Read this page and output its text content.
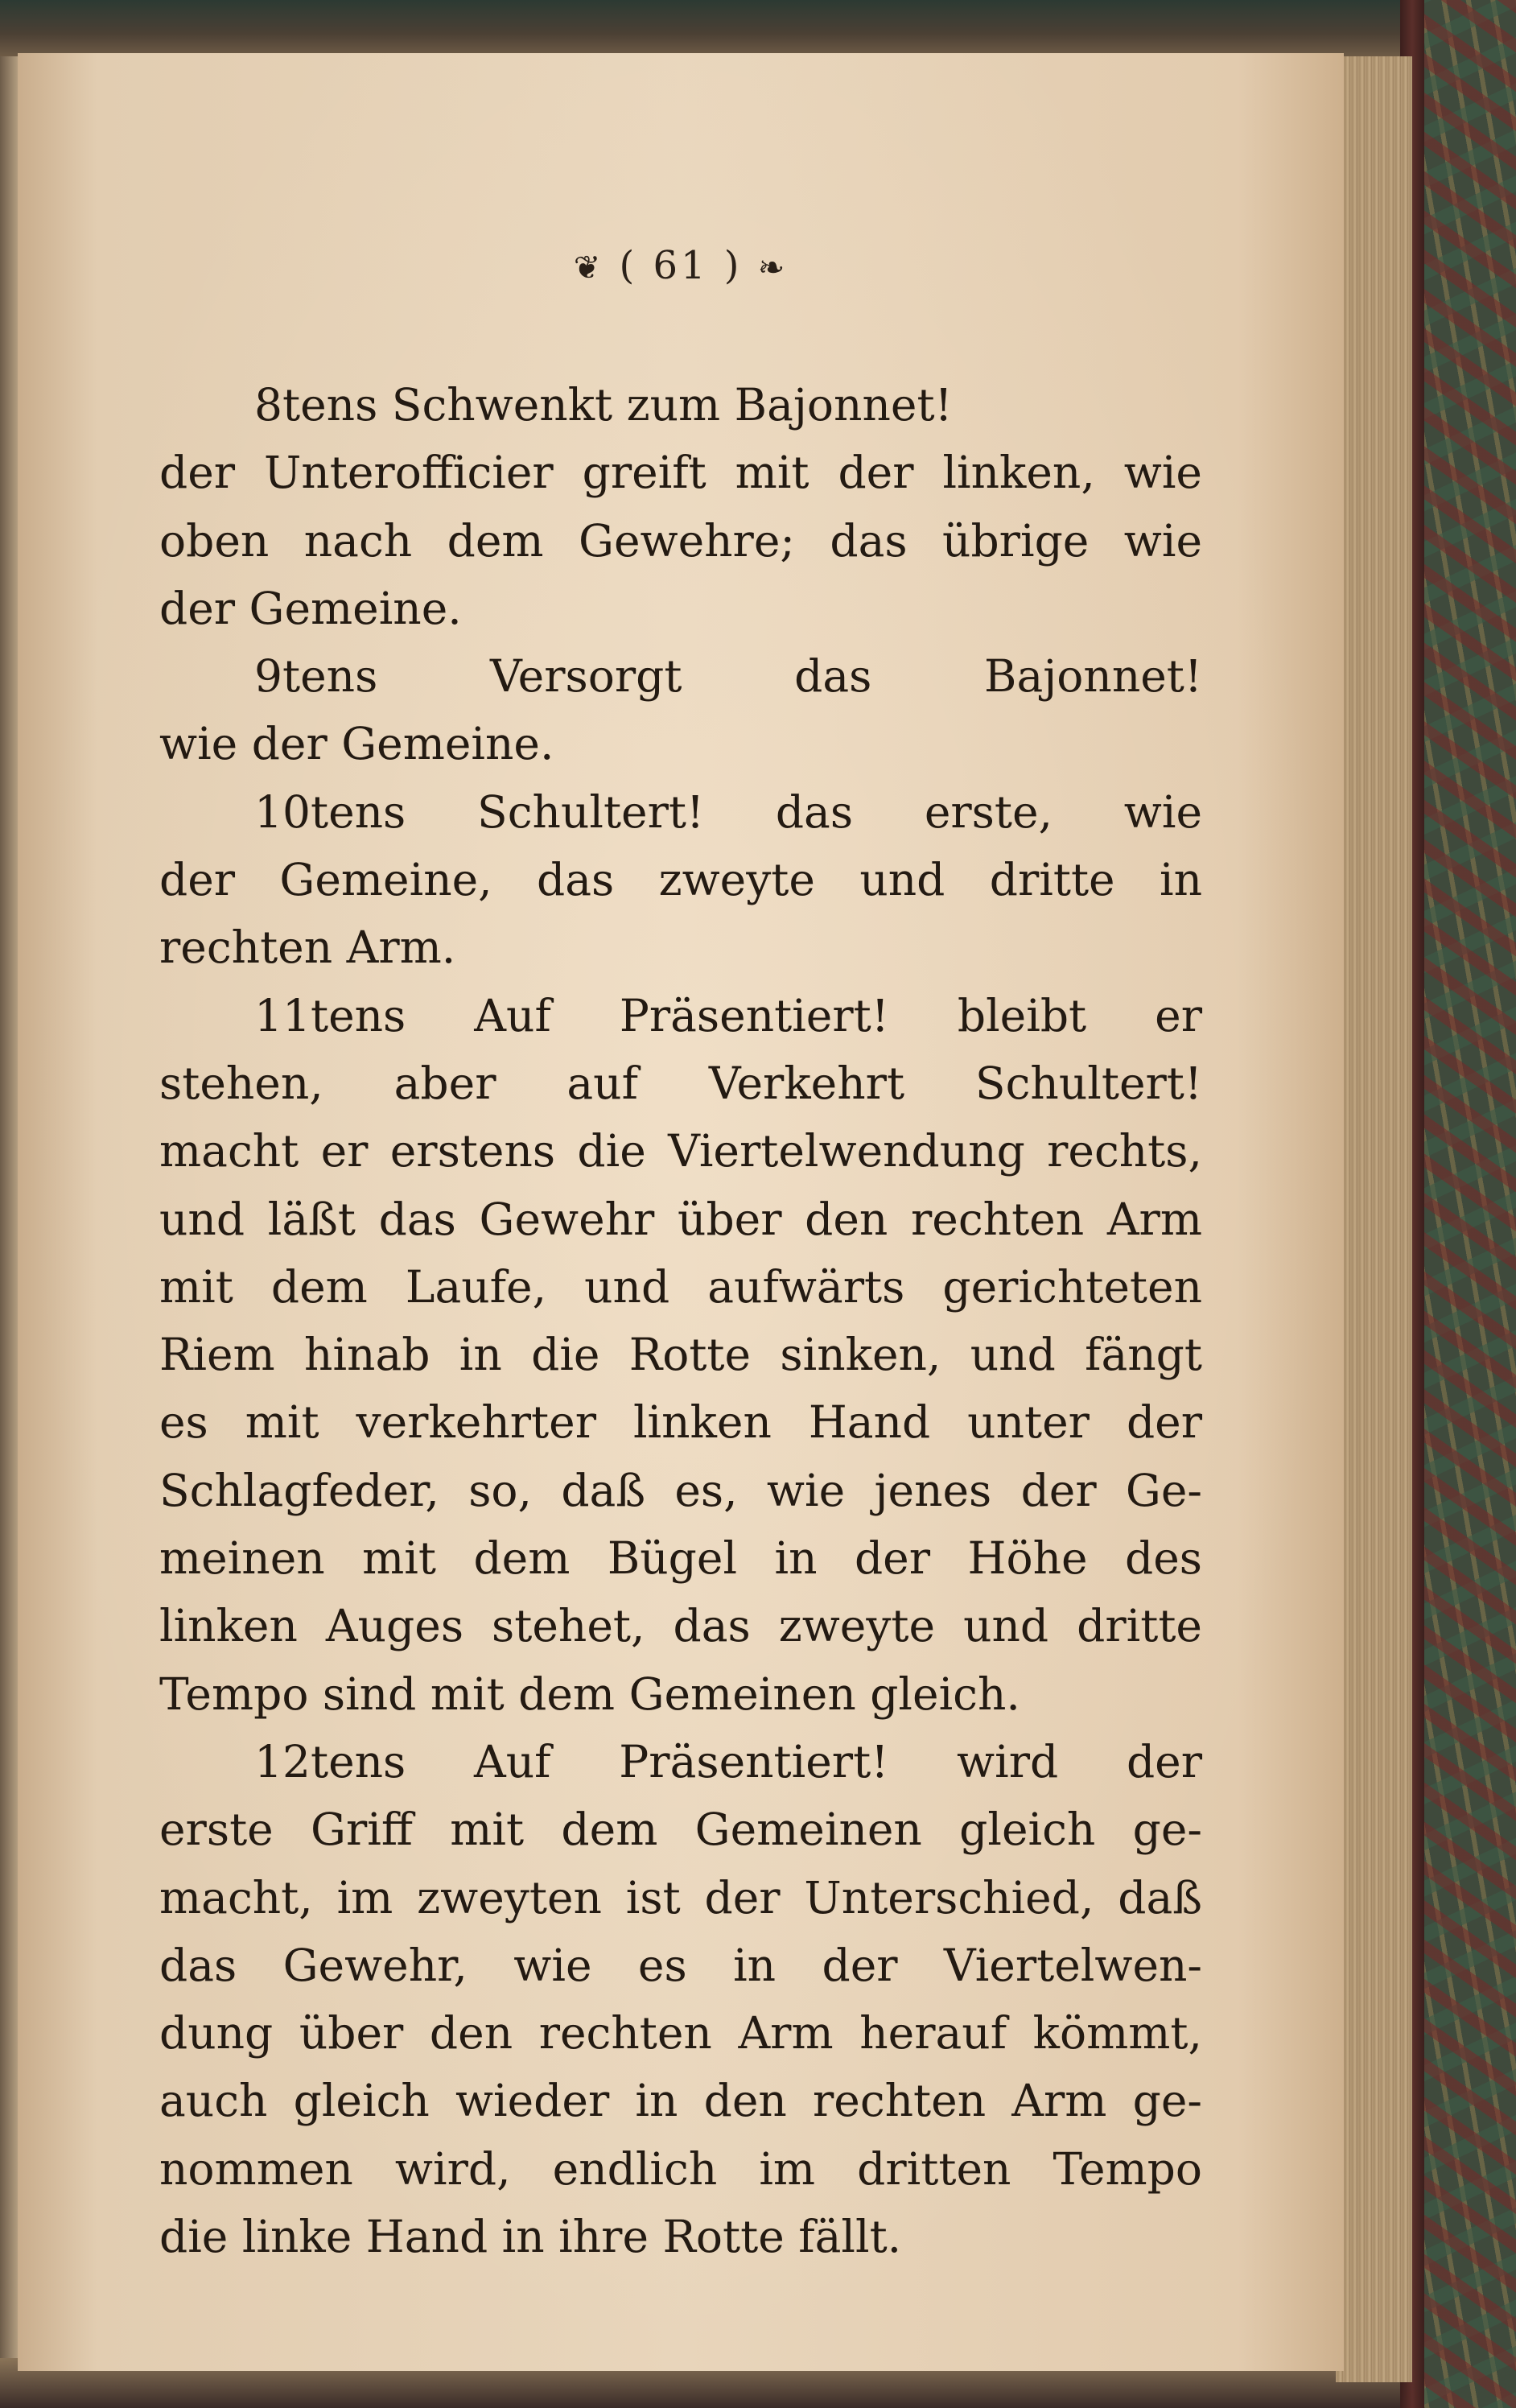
❦ ( 61 ) ❧
8tens Schwenkt zum Bajonnet!
der Unterofficier greift mit der linken, wie
oben nach dem Gewehre; das übrige wie
der Gemeine.
9tens Versorgt das Bajonnet!
wie der Gemeine.
10tens Schultert! das erste, wie
der Gemeine, das zweyte und dritte in
rechten Arm.
11tens Auf Präsentiert! bleibt er
stehen, aber auf Verkehrt Schultert!
macht er erstens die Viertelwendung rechts,
und läßt das Gewehr über den rechten Arm
mit dem Laufe, und aufwärts gerichteten
Riem hinab in die Rotte sinken, und fängt
es mit verkehrter linken Hand unter der
Schlagfeder, so, daß es, wie jenes der Ge-
meinen mit dem Bügel in der Höhe des
linken Auges stehet, das zweyte und dritte
Tempo sind mit dem Gemeinen gleich.
12tens Auf Präsentiert! wird der
erste Griff mit dem Gemeinen gleich ge-
macht, im zweyten ist der Unterschied, daß
das Gewehr, wie es in der Viertelwen-
dung über den rechten Arm herauf kömmt,
auch gleich wieder in den rechten Arm ge-
nommen wird, endlich im dritten Tempo
die linke Hand in ihre Rotte fällt.
